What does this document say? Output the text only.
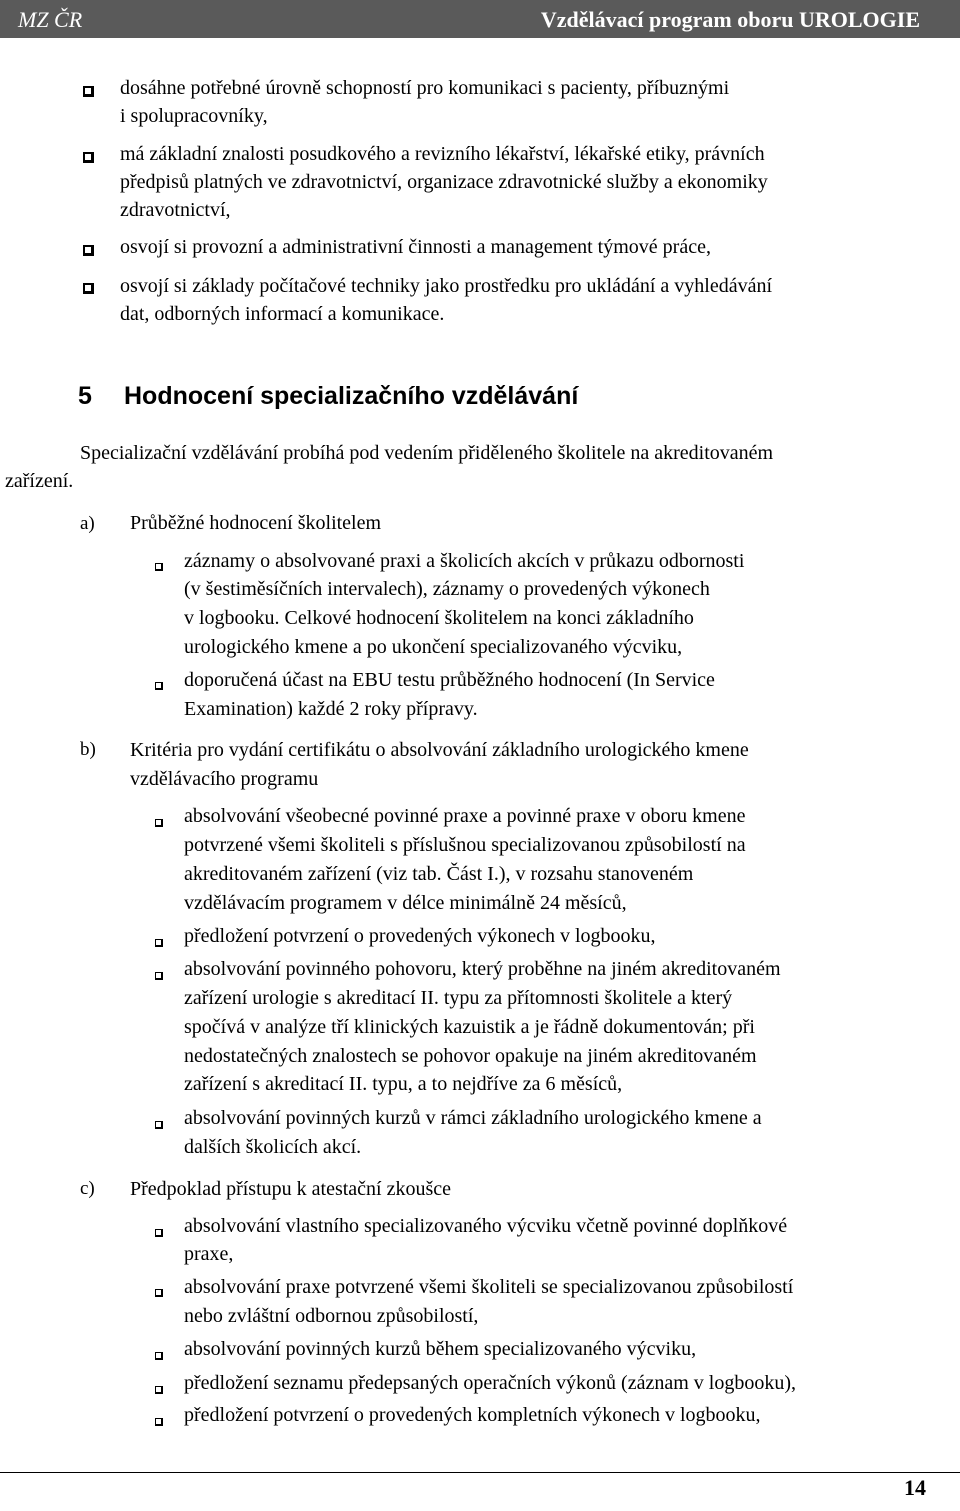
MZ ČR	Vzdělávací program oboru UROLOGIE
dosáhne potřebné úrovně schopností pro komunikaci s pacienty, příbuznými
i spolupracovníky,
má základní znalosti posudkového a revizního lékařství, lékařské etiky, právních
předpisů platných ve zdravotnictví, organizace zdravotnické služby a ekonomiky
zdravotnictví,
osvojí si provozní a administrativní činnosti a management týmové práce,
osvojí si základy počítačové techniky jako prostředku pro ukládání a vyhledávání
dat, odborných informací a komunikace.
5 Hodnocení specializačního vzdělávání
Specializační vzdělávání probíhá pod vedením přiděleného školitele na akreditovaném
zařízení.
a) Průběžné hodnocení školitelem
záznamy o absolvované praxi a školicích akcích v průkazu odbornosti
(v šestiměsíčních intervalech), záznamy o provedených výkonech
v logbooku. Celkové hodnocení školitelem na konci základního
urologického kmene a po ukončení specializovaného výcviku,
doporučená účast na EBU testu průběžného hodnocení (In Service
Examination) každé 2 roky přípravy.
b) Kritéria pro vydání certifikátu o absolvování základního urologického kmene
vzdělávacího programu
absolvování všeobecné povinné praxe a povinné praxe v oboru kmene
potvrzené všemi školiteli s příslušnou specializovanou způsobilostí na
akreditovaném zařízení (viz tab. Část I.), v rozsahu stanoveném
vzdělávacím programem v délce minimálně 24 měsíců,
předložení potvrzení o provedených výkonech v logbooku,
absolvování povinného pohovoru, který proběhne na jiném akreditovaném
zařízení urologie s akreditací II. typu za přítomnosti školitele a který
spočívá v analýze tří klinických kazuistik a je řádně dokumentován; při
nedostatečných znalostech se pohovor opakuje na jiném akreditovaném
zařízení s akreditací II. typu, a to nejdříve za 6 měsíců,
absolvování povinných kurzů v rámci základního urologického kmene a
dalších školicích akcí.
c) Předpoklad přístupu k atestační zkoušce
absolvování vlastního specializovaného výcviku včetně povinné doplňkové
praxe,
absolvování praxe potvrzené všemi školiteli se specializovanou způsobilostí
nebo zvláštní odbornou způsobilostí,
absolvování povinných kurzů během specializovaného výcviku,
předložení seznamu předepsaných operačních výkonů (záznam v logbooku),
předložení potvrzení o provedených kompletních výkonech v logbooku,
14
